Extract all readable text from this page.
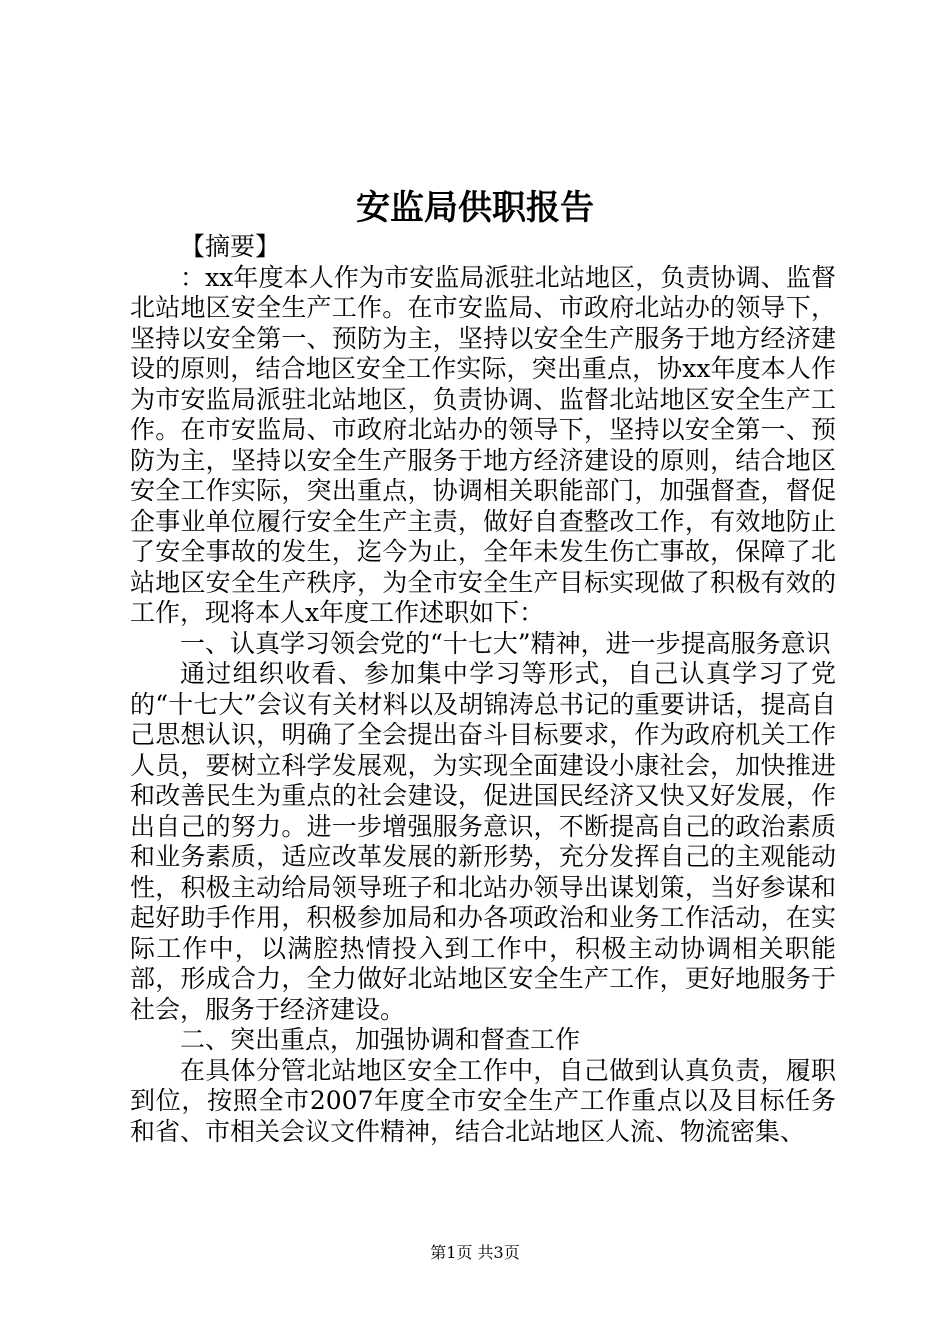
安监局供职报告

【摘要】

：xx年度本人作为市安监局派驻北站地区，负责协调、监督北站地区安全生产工作。在市安监局、市政府北站办的领导下，坚持以安全第一、预防为主，坚持以安全生产服务于地方经济建设的原则，结合地区安全工作实际，突出重点，协xx年度本人作为市安监局派驻北站地区，负责协调、监督北站地区安全生产工作。在市安监局、市政府北站办的领导下，坚持以安全第一、预防为主，坚持以安全生产服务于地方经济建设的原则，结合地区安全工作实际，突出重点，协调相关职能部门，加强督查，督促企事业单位履行安全生产主责，做好自查整改工作，有效地防止了安全事故的发生，迄今为止，全年未发生伤亡事故，保障了北站地区安全生产秩序，为全市安全生产目标实现做了积极有效的工作，现将本人x年度工作述职如下：

一、认真学习领会党的“十七大”精神，进一步提高服务意识

通过组织收看、参加集中学习等形式，自己认真学习了党的“十七大”会议有关材料以及胡锦涛总书记的重要讲话，提高自己思想认识，明确了全会提出奋斗目标要求，作为政府机关工作人员，要树立科学发展观，为实现全面建设小康社会，加快推进和改善民生为重点的社会建设，促进国民经济又快又好发展，作出自己的努力。进一步增强服务意识，不断提高自己的政治素质和业务素质，适应改革发展的新形势，充分发挥自己的主观能动性，积极主动给局领导班子和北站办领导出谋划策，当好参谋和起好助手作用，积极参加局和办各项政治和业务工作活动，在实际工作中，以满腔热情投入到工作中，积极主动协调相关职能部，形成合力，全力做好北站地区安全生产工作，更好地服务于社会，服务于经济建设。

二、突出重点，加强协调和督查工作

在具体分管北站地区安全工作中，自己做到认真负责，履职到位，按照全市2007年度全市安全生产工作重点以及目标任务和省、市相关会议文件精神，结合北站地区人流、物流密集、

第1页 共3页
